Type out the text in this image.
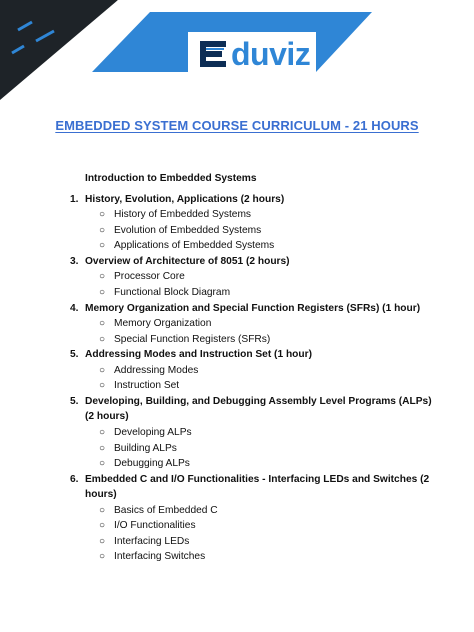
duviz
EMBEDDED SYSTEM COURSE CURRICULUM - 21 HOURS
Introduction to Embedded Systems
1. History, Evolution, Applications (2 hours)
○ History of Embedded Systems
○ Evolution of Embedded Systems
○ Applications of Embedded Systems
3. Overview of Architecture of 8051 (2 hours)
○ Processor Core
○ Functional Block Diagram
4. Memory Organization and Special Function Registers (SFRs) (1 hour)
○ Memory Organization
○ Special Function Registers (SFRs)
5. Addressing Modes and Instruction Set (1 hour)
○ Addressing Modes
○ Instruction Set
5. Developing, Building, and Debugging Assembly Level Programs (ALPs)
(2 hours)
○ Developing ALPs
○ Building ALPs
○ Debugging ALPs
6. Embedded C and I/O Functionalities - Interfacing LEDs and Switches (2
hours)
○ Basics of Embedded C
○ I/O Functionalities
○ Interfacing LEDs
○ Interfacing Switches
